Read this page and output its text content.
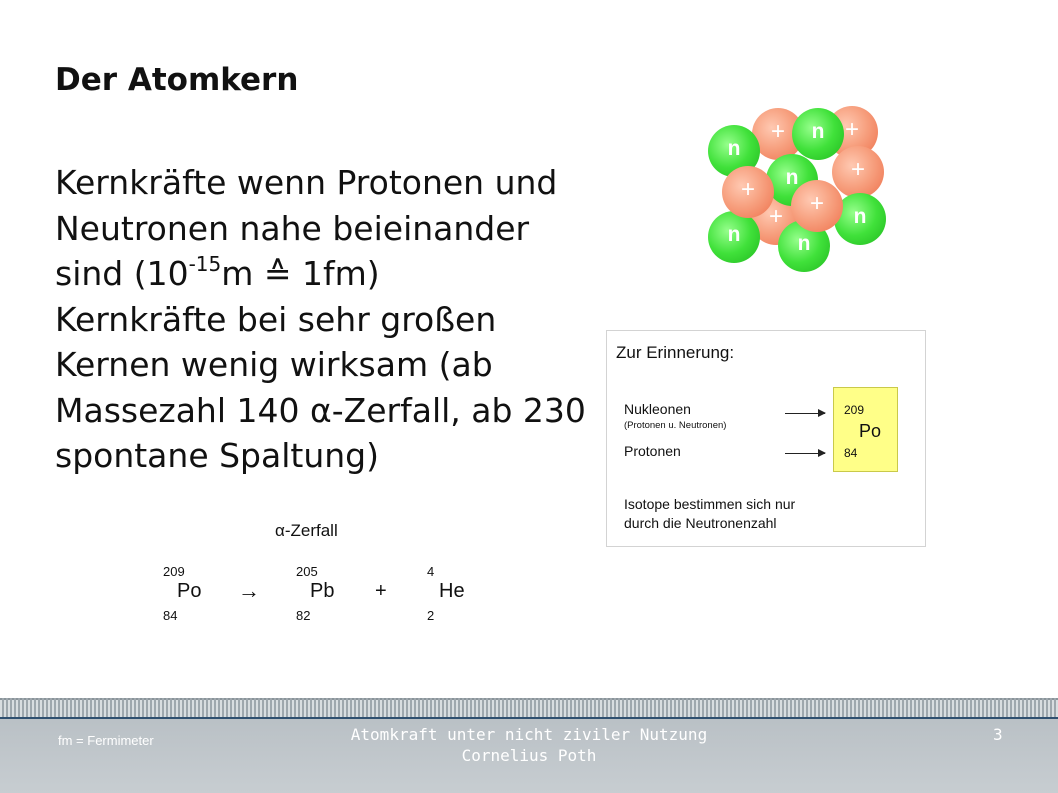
Der Atomkern

Kernkräfte wenn Protonen und Neutronen nahe beieinander sind ($10^{-15}m$ ≙ 1fm)

Kernkräfte bei sehr großen Kernen wenig wirksam (ab Massezahl 140 α-Zerfall, ab 230 spontane Spaltung)

+
+ n
n
+
+	n
n
n
+
n
+
Zur Erinnerung:
Nukleonen
(Protonen u. Neutronen)
Protonen
209
Po
84
Isotope bestimmen sich nur
durch die Neutronenzahl
α-Zerfall
209
Po
84
→
205
Pb
82
+
4
He
2
fm = Fermimeter	Atomkraft unter nicht ziviler Nutzung
Cornelius Poth
3
